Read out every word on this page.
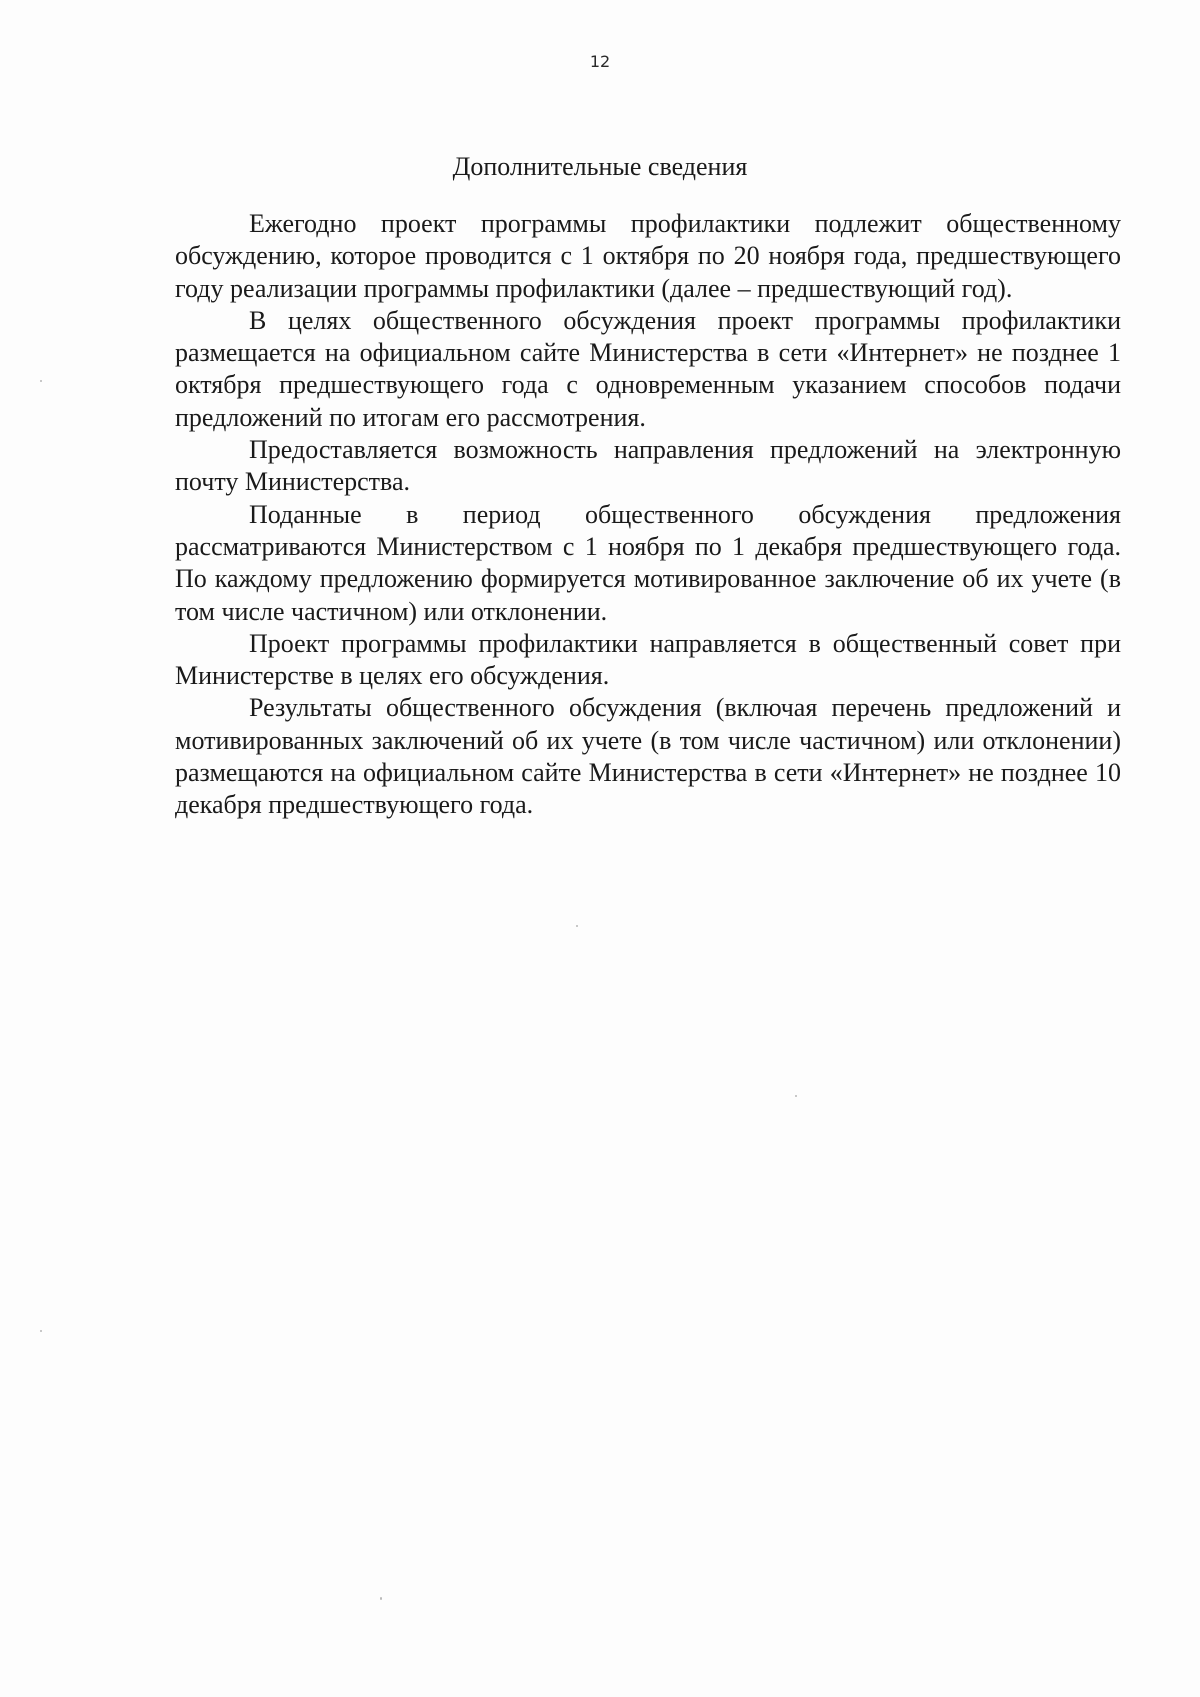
12
Дополнительные сведения

Ежегодно проект программы профилактики подлежит общественному обсуждению, которое проводится с 1 октября по 20 ноября года, предшествующего году реализации программы профилактики (далее – предшествующий год).

В целях общественного обсуждения проект программы профилактики размещается на официальном сайте Министерства в сети «Интернет» не позднее 1 октября предшествующего года с одновременным указанием способов подачи предложений по итогам его рассмотрения.

Предоставляется возможность направления предложений на электронную почту Министерства.

Поданные в период общественного обсуждения предложения рассматриваются Министерством с 1 ноября по 1 декабря предшествующего года. По каждому предложению формируется мотивированное заключение об их учете (в том числе частичном) или отклонении.

Проект программы профилактики направляется в общественный совет при Министерстве в целях его обсуждения.

Результаты общественного обсуждения (включая перечень предложений и мотивированных заключений об их учете (в том числе частичном) или отклонении) размещаются на официальном сайте Министерства в сети «Интернет» не позднее 10 декабря предшествующего года.
